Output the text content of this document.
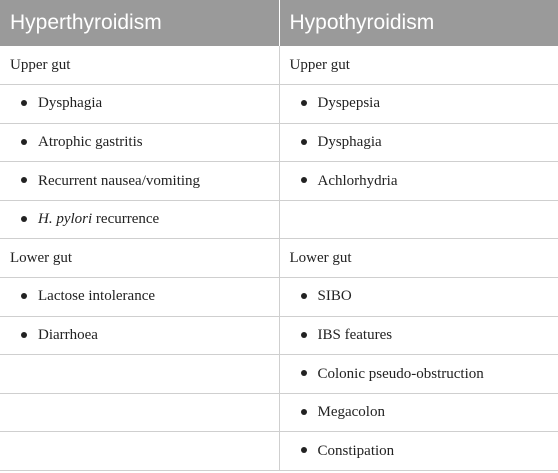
Hyperthyroidism	Hypothyroidism
Upper gut	Upper gut
Dysphagia	Dyspepsia
Atrophic gastritis	Dysphagia
Recurrent nausea/vomiting	Achlorhydria
H. pylori recurrence	
Lower gut	Lower gut
Lactose intolerance	SIBO
Diarrhoea	IBS features
	Colonic pseudo-obstruction
	Megacolon
	Constipation
